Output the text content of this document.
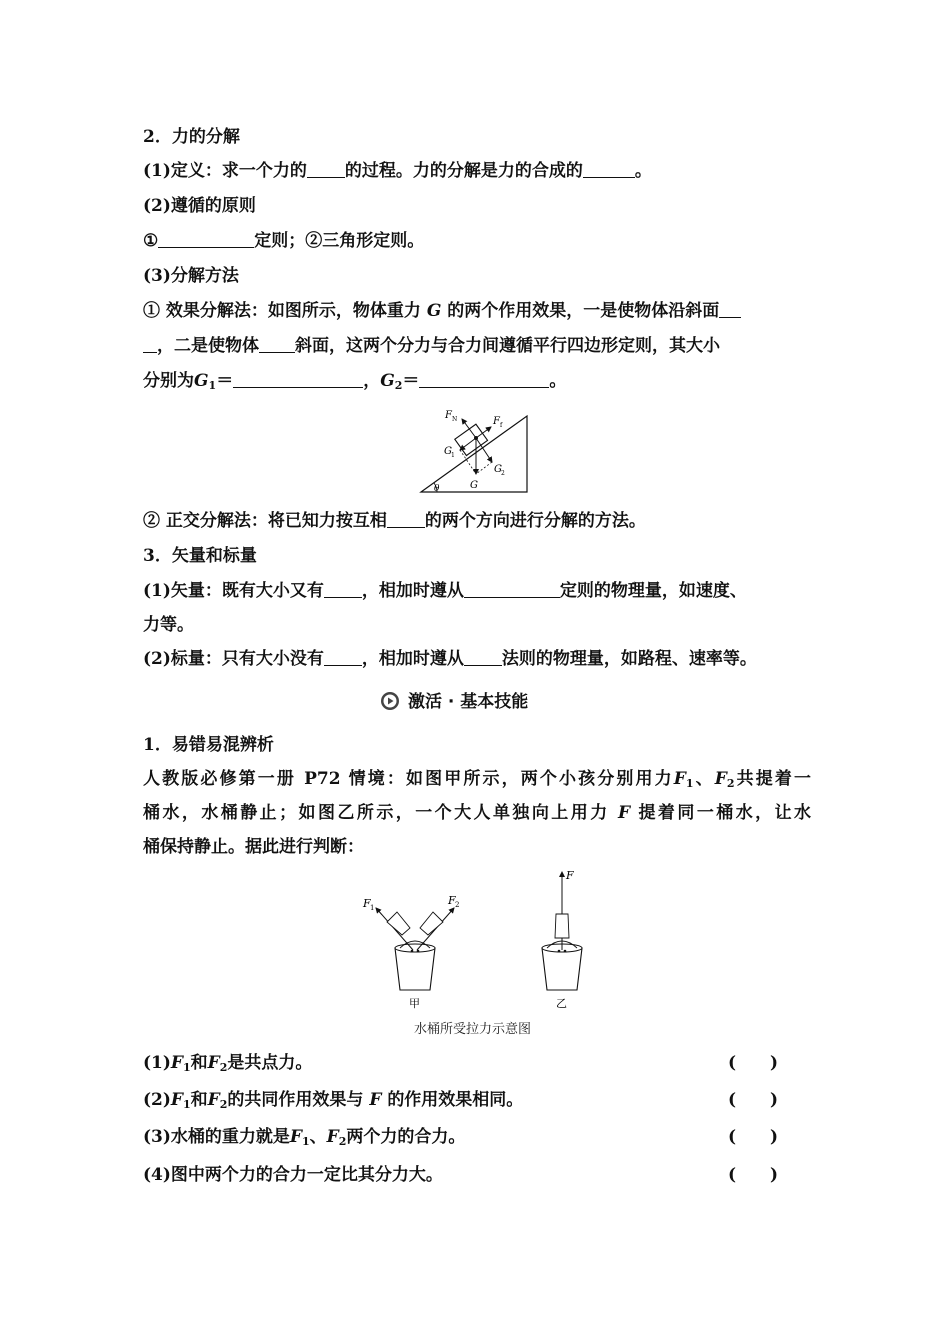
2．力的分解
(1)定义：求一个力的 的过程。力的分解是力的合成的	。
(2)遵循的原则
①	定则；②三角形定则。
(3)分解方法
① 效果分解法：如图所示，物体重力 G 的两个作用效果，一是使物体沿斜面
，二是使物体 斜面，这两个分力与合力间遵循平行四边形定则，其大小
分别为$G_1=$	，$G_2=$	。
F N	F f
G 1
G 2
G
θ
② 正交分解法：将已知力按互相 的两个方向进行分解的方法。
3．矢量和标量
(1)矢量：既有大小又有 ，相加时遵从	定则的物理量，如速度、
力等。
(2)标量：只有大小没有 ，相加时遵从 法则的物理量，如路程、速率等。
激活 · 基本技能
1．易错易混辨析
人教版必修第一册 P72 情境：如图甲所示，两个小孩分别用力$F_1$、$F_2$共提着一
桶水，水桶静止；如图乙所示，一个大人单独向上用力 F 提着同一桶水，让水
桶保持静止。据此进行判断：
F 1
F 2
甲
F
乙
水桶所受拉力示意图
$(1)F_1$和$F_2$是共点力。	(　　)
$(2)F_1$和$F_2$的共同作用效果与 F 的作用效果相同。	(　　)
(3)水桶的重力就是$F_1$、$F_2$两个力的合力。	(　　)
(4)图中两个力的合力一定比其分力大。	(　　)
